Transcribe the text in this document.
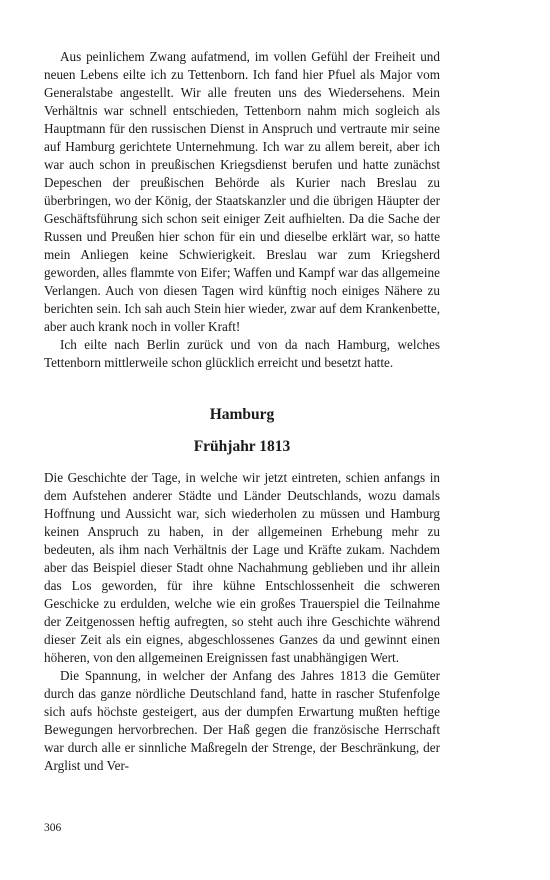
Aus peinlichem Zwang aufatmend, im vollen Gefühl der Freiheit und neuen Lebens eilte ich zu Tettenborn. Ich fand hier Pfuel als Major vom Generalstabe angestellt. Wir alle freuten uns des Wiedersehens. Mein Verhältnis war schnell entschieden, Tettenborn nahm mich sogleich als Hauptmann für den russischen Dienst in Anspruch und vertraute mir seine auf Hamburg gerichtete Unternehmung. Ich war zu allem bereit, aber ich war auch schon in preußischen Kriegsdienst berufen und hatte zunächst Depeschen der preußischen Behörde als Kurier nach Breslau zu überbringen, wo der König, der Staatskanzler und die übrigen Häupter der Geschäftsführung sich schon seit einiger Zeit aufhielten. Da die Sache der Russen und Preußen hier schon für ein und dieselbe erklärt war, so hatte mein Anliegen keine Schwierigkeit. Breslau war zum Kriegsherd geworden, alles flammte von Eifer; Waffen und Kampf war das allgemeine Verlangen. Auch von diesen Tagen wird künftig noch einiges Nähere zu berichten sein. Ich sah auch Stein hier wieder, zwar auf dem Krankenbette, aber auch krank noch in voller Kraft!

Ich eilte nach Berlin zurück und von da nach Hamburg, welches Tettenborn mittlerweile schon glücklich erreicht und besetzt hatte.

Hamburg
Frühjahr 1813

Die Geschichte der Tage, in welche wir jetzt eintreten, schien anfangs in dem Aufstehen anderer Städte und Länder Deutschlands, wozu damals Hoffnung und Aussicht war, sich wiederholen zu müssen und Hamburg keinen Anspruch zu haben, in der allgemeinen Erhebung mehr zu bedeuten, als ihm nach Verhältnis der Lage und Kräfte zukam. Nachdem aber das Beispiel dieser Stadt ohne Nachahmung geblieben und ihr allein das Los geworden, für ihre kühne Entschlossenheit die schweren Geschicke zu erdulden, welche wie ein großes Trauerspiel die Teilnahme der Zeitgenossen heftig aufregten, so steht auch ihre Geschichte während dieser Zeit als ein eignes, abgeschlossenes Ganzes da und gewinnt einen höheren, von den allgemeinen Ereignissen fast unabhängigen Wert.

Die Spannung, in welcher der Anfang des Jahres 1813 die Gemüter durch das ganze nördliche Deutschland fand, hatte in rascher Stufenfolge sich aufs höchste gesteigert, aus der dumpfen Erwartung mußten heftige Bewegungen hervorbrechen. Der Haß gegen die französische Herrschaft war durch alle er sinnliche Maßregeln der Strenge, der Beschränkung, der Arglist und Ver-

306
